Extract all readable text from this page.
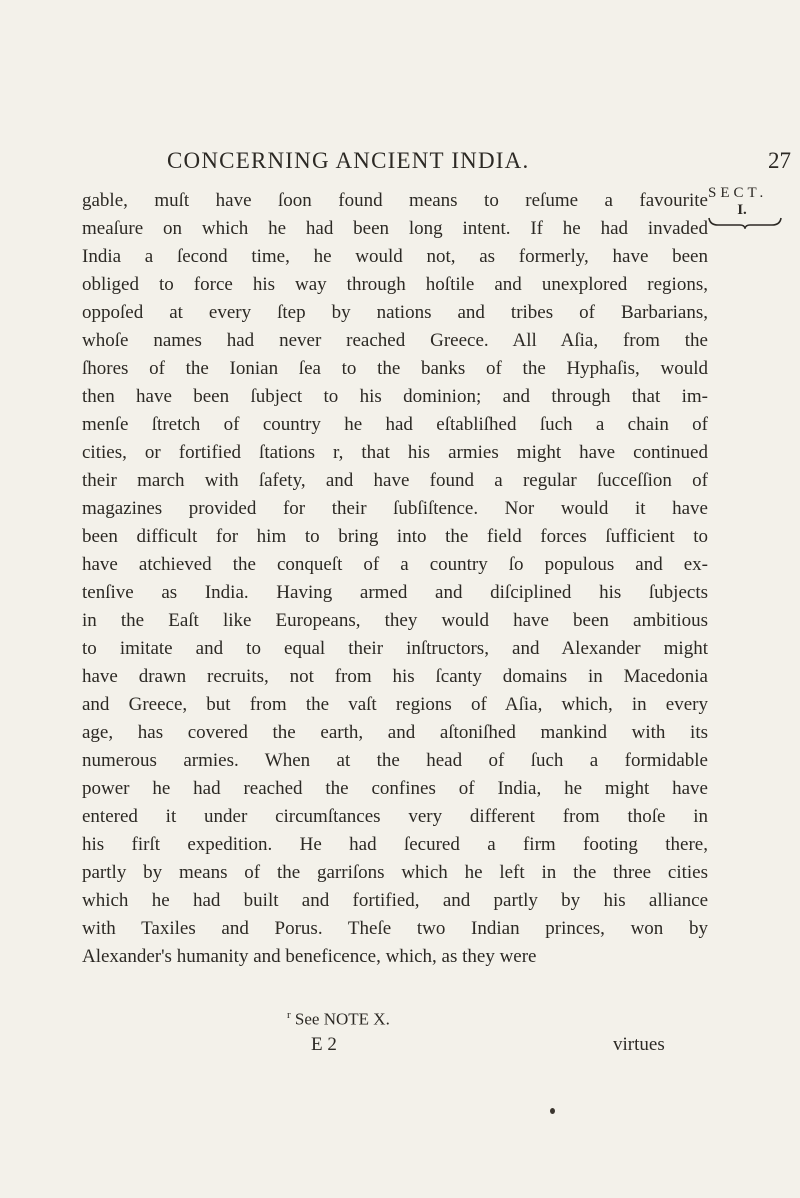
CONCERNING ANCIENT INDIA.	27
SECT.
I.
gable, muſt have ſoon found means to reſume a favourite
meaſure on which he had been long intent. If he had invaded
India a ſecond time, he would not, as formerly, have been
obliged to force his way through hoſtile and unexplored regions,
oppoſed at every ſtep by nations and tribes of Barbarians,
whoſe names had never reached Greece. All Aſia, from the
ſhores of the Ionian ſea to the banks of the Hyphaſis, would
then have been ſubject to his dominion; and through that im-
menſe ſtretch of country he had eſtabliſhed ſuch a chain of
cities, or fortified ſtations r, that his armies might have continued
their march with ſafety, and have found a regular ſucceſſion of
magazines provided for their ſubſiſtence. Nor would it have
been difficult for him to bring into the field forces ſufficient to
have atchieved the conqueſt of a country ſo populous and ex-
tenſive as India. Having armed and diſciplined his ſubjects
in the Eaſt like Europeans, they would have been ambitious
to imitate and to equal their inſtructors, and Alexander might
have drawn recruits, not from his ſcanty domains in Macedonia
and Greece, but from the vaſt regions of Aſia, which, in every
age, has covered the earth, and aſtoniſhed mankind with its
numerous armies. When at the head of ſuch a formidable
power he had reached the confines of India, he might have
entered it under circumſtances very different from thoſe in
his firſt expedition. He had ſecured a firm footing there,
partly by means of the garriſons which he left in the three cities
which he had built and fortified, and partly by his alliance
with Taxiles and Porus. Theſe two Indian princes, won by
Alexander's humanity and beneficence, which, as they were
$^r$ See NOTE X.
E 2	virtues
